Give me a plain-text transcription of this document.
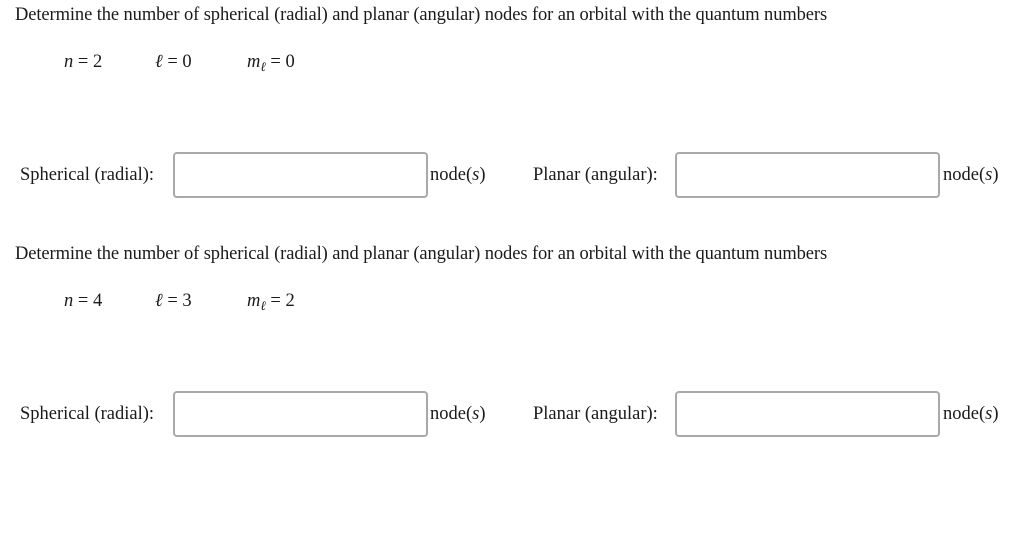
Determine the number of spherical (radial) and planar (angular) nodes for an orbital with the quantum numbers
n = 2	ℓ = 0	$m_\ell = 0$
Spherical (radial):	node(s)	Planar (angular):	node(s)
Determine the number of spherical (radial) and planar (angular) nodes for an orbital with the quantum numbers
n = 4	ℓ = 3	$m_\ell = 2$
Spherical (radial):	node(s)	Planar (angular):	node(s)
